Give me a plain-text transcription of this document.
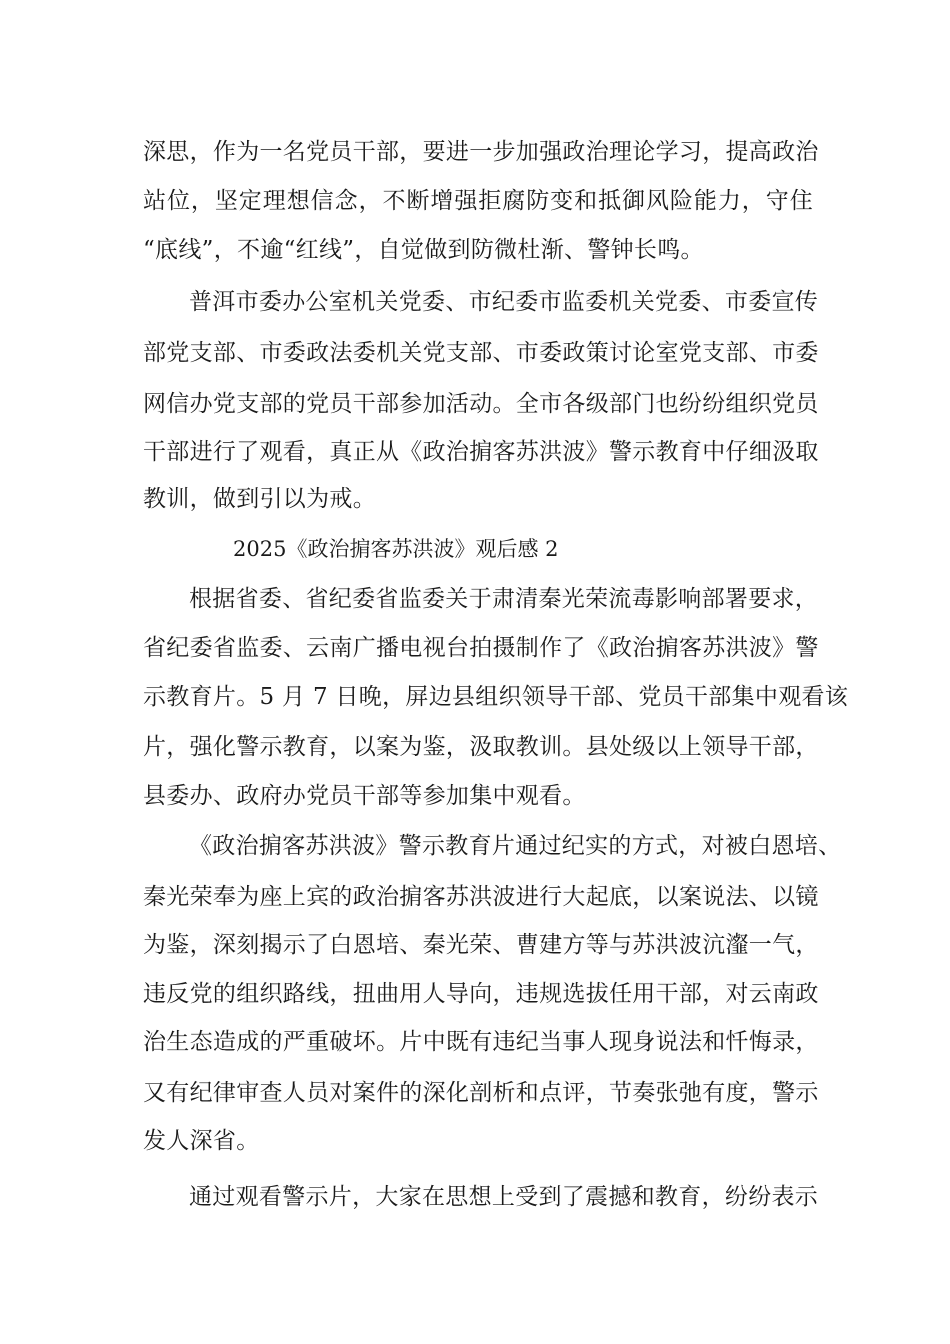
深思，作为一名党员干部，要进一步加强政治理论学习，提高政治
站位，坚定理想信念，不断增强拒腐防变和抵御风险能力，守住
“底线”，不逾“红线”，自觉做到防微杜渐、警钟长鸣。
普洱市委办公室机关党委、市纪委市监委机关党委、市委宣传
部党支部、市委政法委机关党支部、市委政策讨论室党支部、市委
网信办党支部的党员干部参加活动。全市各级部门也纷纷组织党员
干部进行了观看，真正从《政治掮客苏洪波》警示教育中仔细汲取
教训，做到引以为戒。
2025《政治掮客苏洪波》观后感 2
根据省委、省纪委省监委关于肃清秦光荣流毒影响部署要求，
省纪委省监委、云南广播电视台拍摄制作了《政治掮客苏洪波》警
示教育片。5 月 7 日晚，屏边县组织领导干部、党员干部集中观看该
片，强化警示教育，以案为鉴，汲取教训。县处级以上领导干部，
县委办、政府办党员干部等参加集中观看。
《政治掮客苏洪波》警示教育片通过纪实的方式，对被白恩培、
秦光荣奉为座上宾的政治掮客苏洪波进行大起底，以案说法、以镜
为鉴，深刻揭示了白恩培、秦光荣、曹建方等与苏洪波沆瀣一气，
违反党的组织路线，扭曲用人导向，违规选拔任用干部，对云南政
治生态造成的严重破坏。片中既有违纪当事人现身说法和忏悔录，
又有纪律审查人员对案件的深化剖析和点评，节奏张弛有度，警示
发人深省。
通过观看警示片，大家在思想上受到了震撼和教育，纷纷表示
